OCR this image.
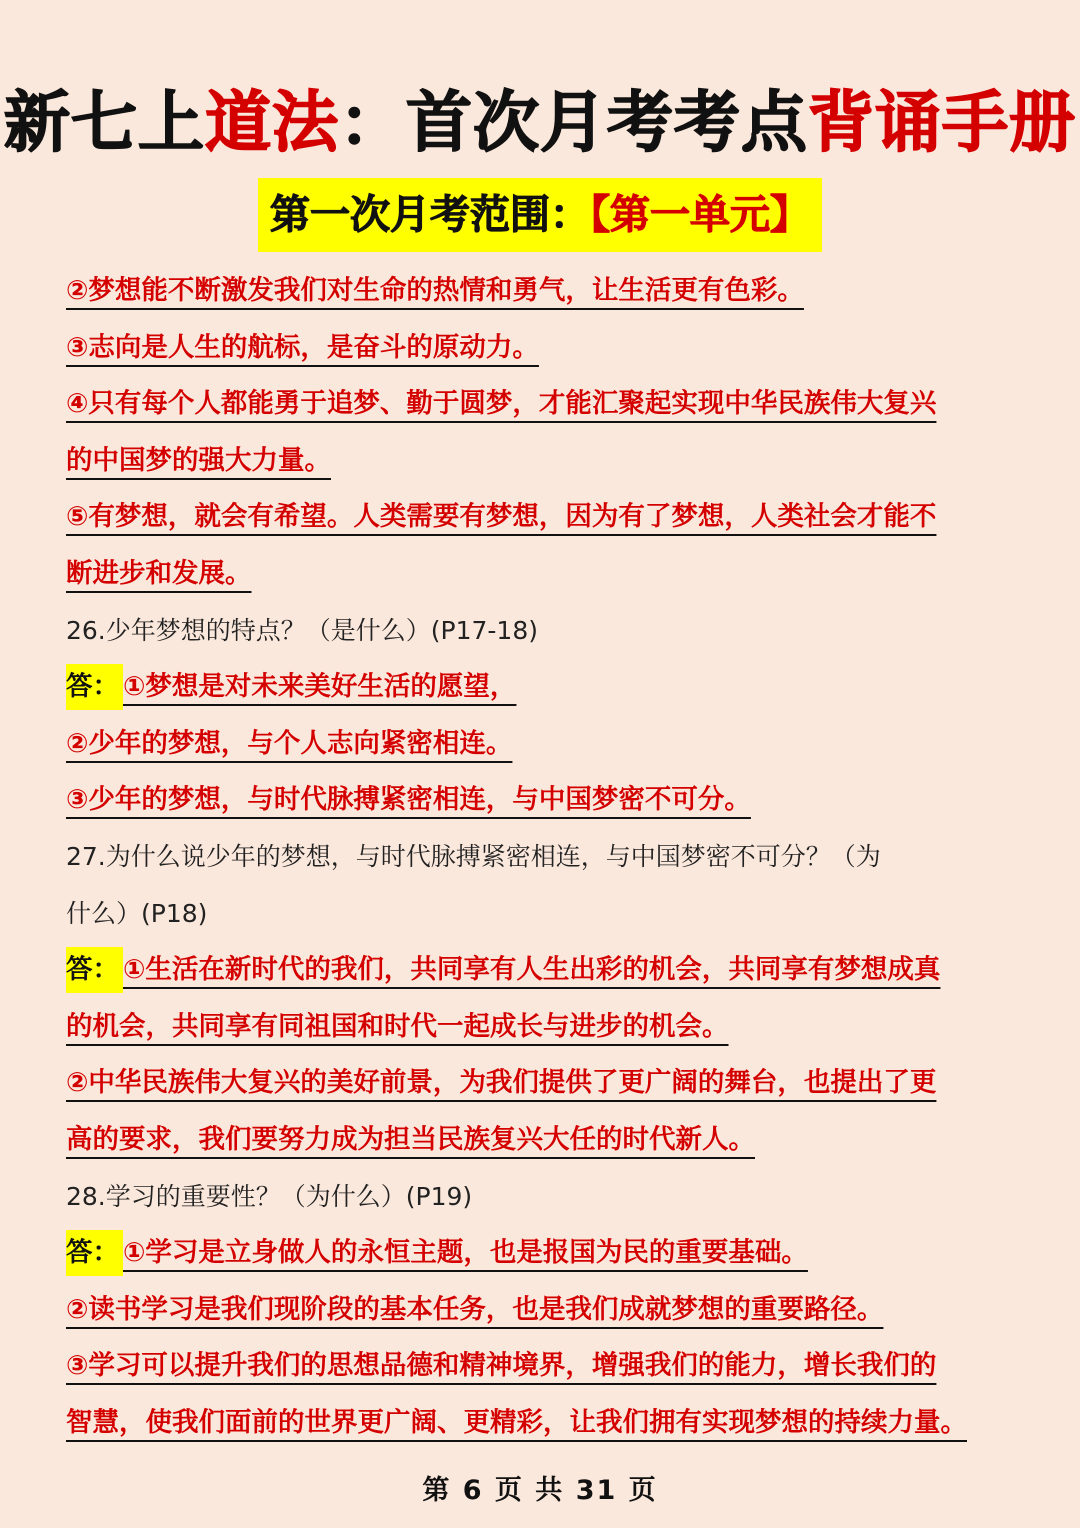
新七上道法：首次月考考点背诵手册
第一次月考范围：【第一单元】
②梦想能不断激发我们对生命的热情和勇气，让生活更有色彩。
③志向是人生的航标，是奋斗的原动力。
④只有每个人都能勇于追梦、勤于圆梦，才能汇聚起实现中华民族伟大复兴
的中国梦的强大力量。
⑤有梦想，就会有希望。人类需要有梦想，因为有了梦想，人类社会才能不
断进步和发展。
26.少年梦想的特点？（是什么）(P17-18)
答： ①梦想是对未来美好生活的愿望，
②少年的梦想，与个人志向紧密相连。
③少年的梦想，与时代脉搏紧密相连，与中国梦密不可分。
27.为什么说少年的梦想，与时代脉搏紧密相连，与中国梦密不可分？（为
什么）(P18)
答： ①生活在新时代的我们，共同享有人生出彩的机会，共同享有梦想成真
的机会，共同享有同祖国和时代一起成长与进步的机会。
②中华民族伟大复兴的美好前景，为我们提供了更广阔的舞台，也提出了更
高的要求，我们要努力成为担当民族复兴大任的时代新人。
28.学习的重要性？（为什么）(P19)
答： ①学习是立身做人的永恒主题，也是报国为民的重要基础。
②读书学习是我们现阶段的基本任务，也是我们成就梦想的重要路径。
③学习可以提升我们的思想品德和精神境界，增强我们的能力，增长我们的
智慧，使我们面前的世界更广阔、更精彩，让我们拥有实现梦想的持续力量。
第 6 页 共 31 页
